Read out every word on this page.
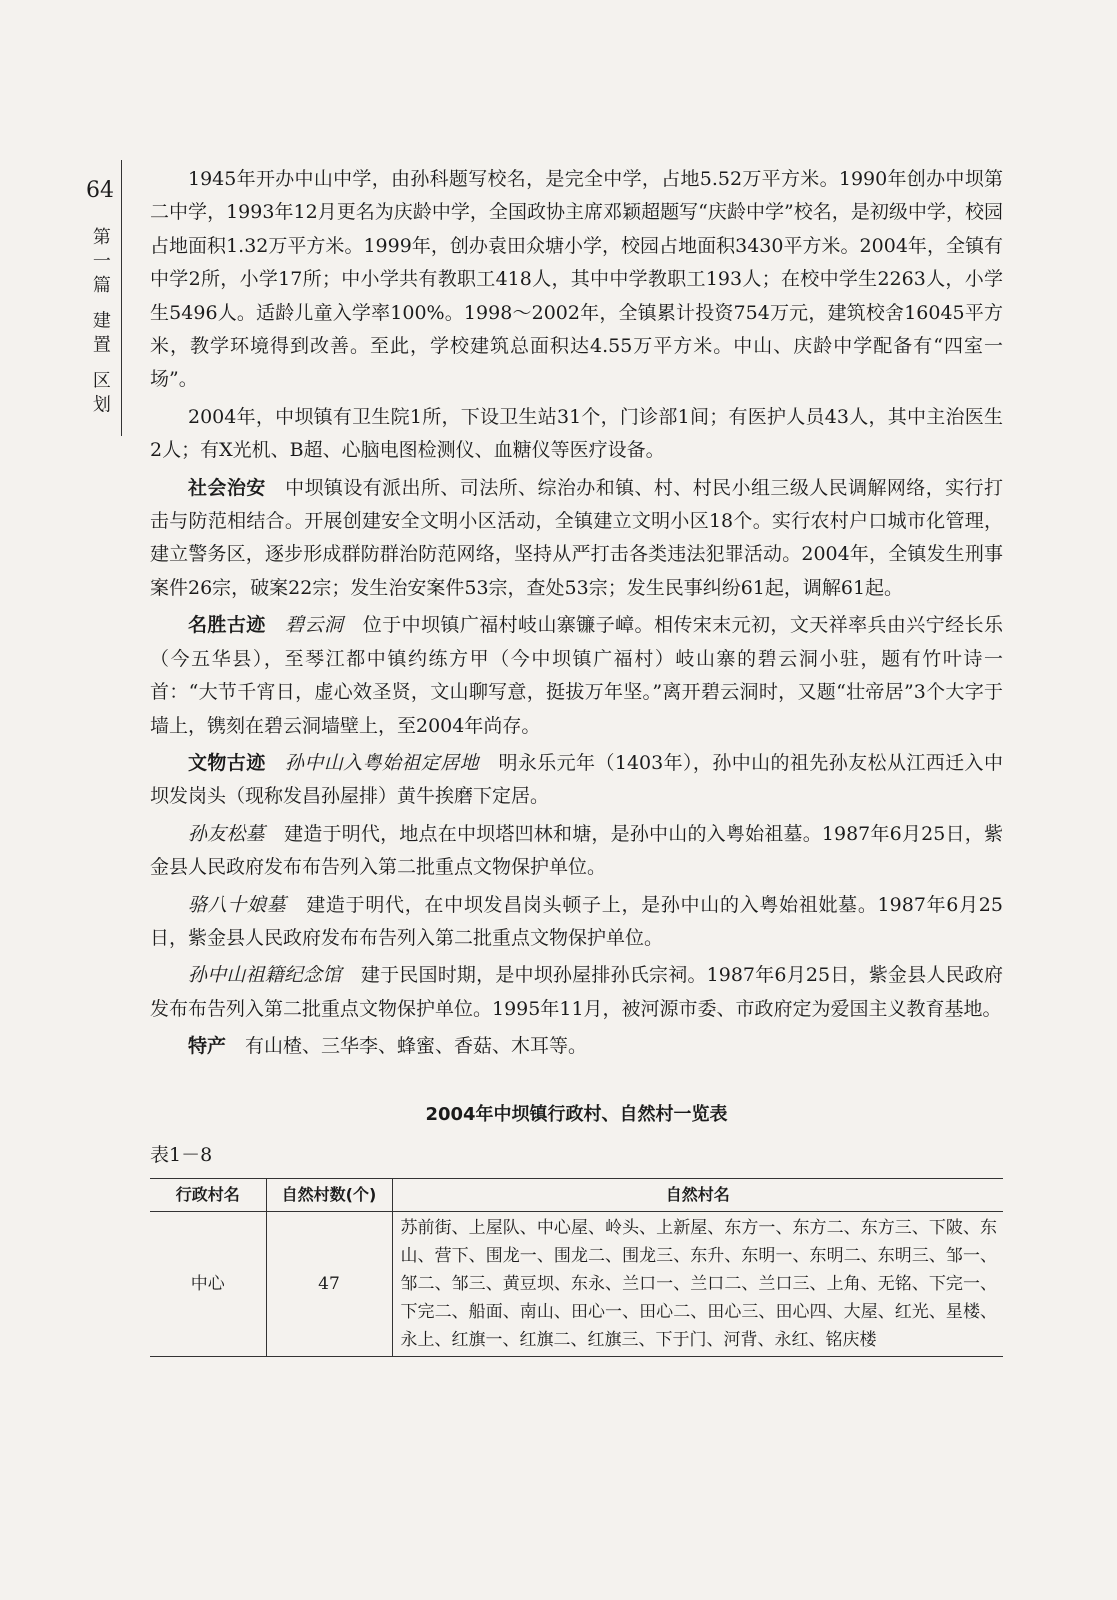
64
第一篇 建置 区划

1945年开办中山中学，由孙科题写校名，是完全中学，占地5.52万平方米。1990年创办中坝第二中学，1993年12月更名为庆龄中学，全国政协主席邓颖超题写“庆龄中学”校名，是初级中学，校园占地面积1.32万平方米。1999年，创办袁田众塘小学，校园占地面积3430平方米。2004年，全镇有中学2所，小学17所；中小学共有教职工418人，其中中学教职工193人；在校中学生2263人，小学生5496人。适龄儿童入学率100%。1998～2002年，全镇累计投资754万元，建筑校舍16045平方米，教学环境得到改善。至此，学校建筑总面积达4.55万平方米。中山、庆龄中学配备有“四室一场”。

2004年，中坝镇有卫生院1所，下设卫生站31个，门诊部1间；有医护人员43人，其中主治医生2人；有X光机、B超、心脑电图检测仪、血糖仪等医疗设备。

社会治安　 中坝镇设有派出所、司法所、综治办和镇、村、村民小组三级人民调解网络，实行打击与防范相结合。开展创建安全文明小区活动，全镇建立文明小区18个。实行农村户口城市化管理，建立警务区，逐步形成群防群治防范网络，坚持从严打击各类违法犯罪活动。2004年，全镇发生刑事案件26宗，破案22宗；发生治安案件53宗，查处53宗；发生民事纠纷61起，调解61起。

名胜古迹　 碧云洞　 位于中坝镇广福村岐山寨镰子嶂。相传宋末元初，文天祥率兵由兴宁经长乐（今五华县），至琴江都中镇约练方甲（今中坝镇广福村）岐山寨的碧云洞小驻，题有竹叶诗一首：“大节千宵日，虚心效圣贤，文山聊写意，挺拔万年坚。”离开碧云洞时，又题“壮帝居”3个大字于墙上，镌刻在碧云洞墙壁上，至2004年尚存。

文物古迹　 孙中山入粤始祖定居地　 明永乐元年（1403年），孙中山的祖先孙友松从江西迁入中坝发岗头（现称发昌孙屋排）黄牛挨磨下定居。

孙友松墓　 建造于明代，地点在中坝塔凹林和塘，是孙中山的入粤始祖墓。1987年6月25日，紫金县人民政府发布布告列入第二批重点文物保护单位。

骆八十娘墓　 建造于明代，在中坝发昌岗头顿子上，是孙中山的入粤始祖妣墓。1987年6月25日，紫金县人民政府发布布告列入第二批重点文物保护单位。

孙中山祖籍纪念馆　 建于民国时期，是中坝孙屋排孙氏宗祠。1987年6月25日，紫金县人民政府发布布告列入第二批重点文物保护单位。1995年11月，被河源市委、市政府定为爱国主义教育基地。

特产　 有山楂、三华李、蜂蜜、香菇、木耳等。

2004年中坝镇行政村、自然村一览表
表1－8
行政村名	自然村数(个)	自然村名
中心	47	苏前街、上屋队、中心屋、岭头、上新屋、东方一、东方二、东方三、下陂、东山、营下、围龙一、围龙二、围龙三、东升、东明一、东明二、东明三、邹一、邹二、邹三、黄豆坝、东永、兰口一、兰口二、兰口三、上角、无铭、下完一、下完二、船面、南山、田心一、田心二、田心三、田心四、大屋、红光、星楼、永上、红旗一、红旗二、红旗三、下于门、河背、永红、铭庆楼
